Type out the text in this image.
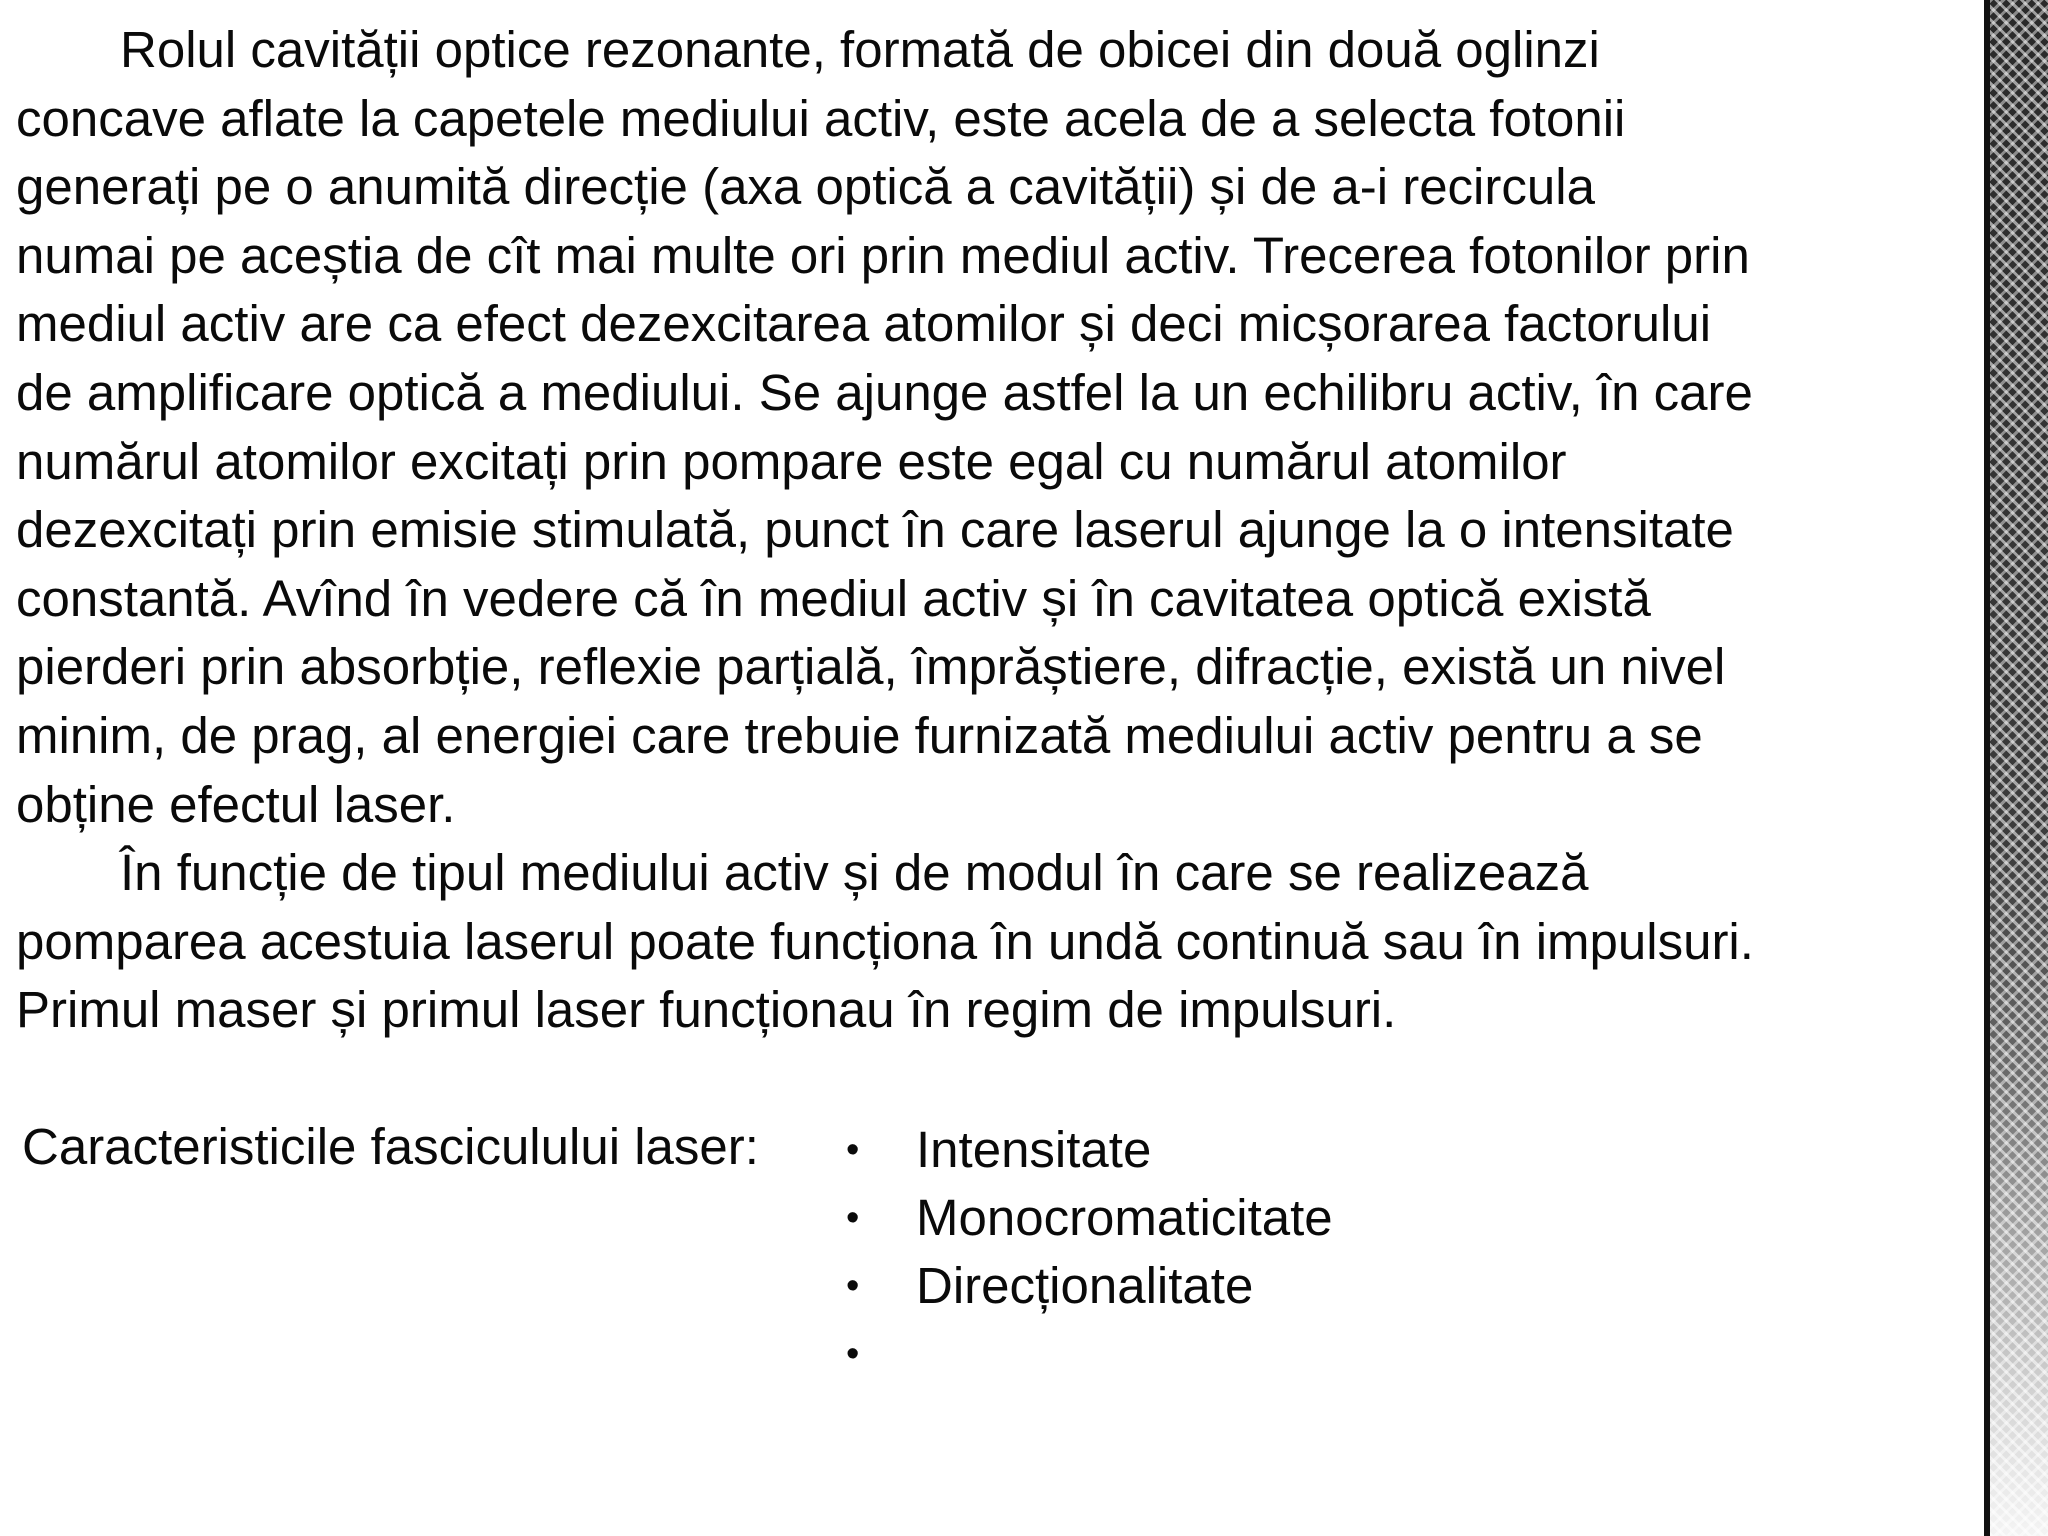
Rolul cavității optice rezonante, formată de obicei din două oglinzi
concave aflate la capetele mediului activ, este acela de a selecta fotonii
generați pe o anumită direcție (axa optică a cavității) și de a-i recircula
numai pe aceștia de cît mai multe ori prin mediul activ. Trecerea fotonilor prin
mediul activ are ca efect dezexcitarea atomilor și deci micșorarea factorului
de amplificare optică a mediului. Se ajunge astfel la un echilibru activ, în care
numărul atomilor excitați prin pompare este egal cu numărul atomilor
dezexcitați prin emisie stimulată, punct în care laserul ajunge la o intensitate
constantă. Avînd în vedere că în mediul activ și în cavitatea optică există
pierderi prin absorbție, reflexie parțială, împrăștiere, difracție, există un nivel
minim, de prag, al energiei care trebuie furnizată mediului activ pentru a se
obține efectul laser.
În funcție de tipul mediului activ și de modul în care se realizează
pomparea acestuia laserul poate funcționa în undă continuă sau în impulsuri.
Primul maser și primul laser funcționau în regim de impulsuri.
Caracteristicile fasciculului laser: • Intensitate
• Monocromaticitate
• Direcționalitate
•
